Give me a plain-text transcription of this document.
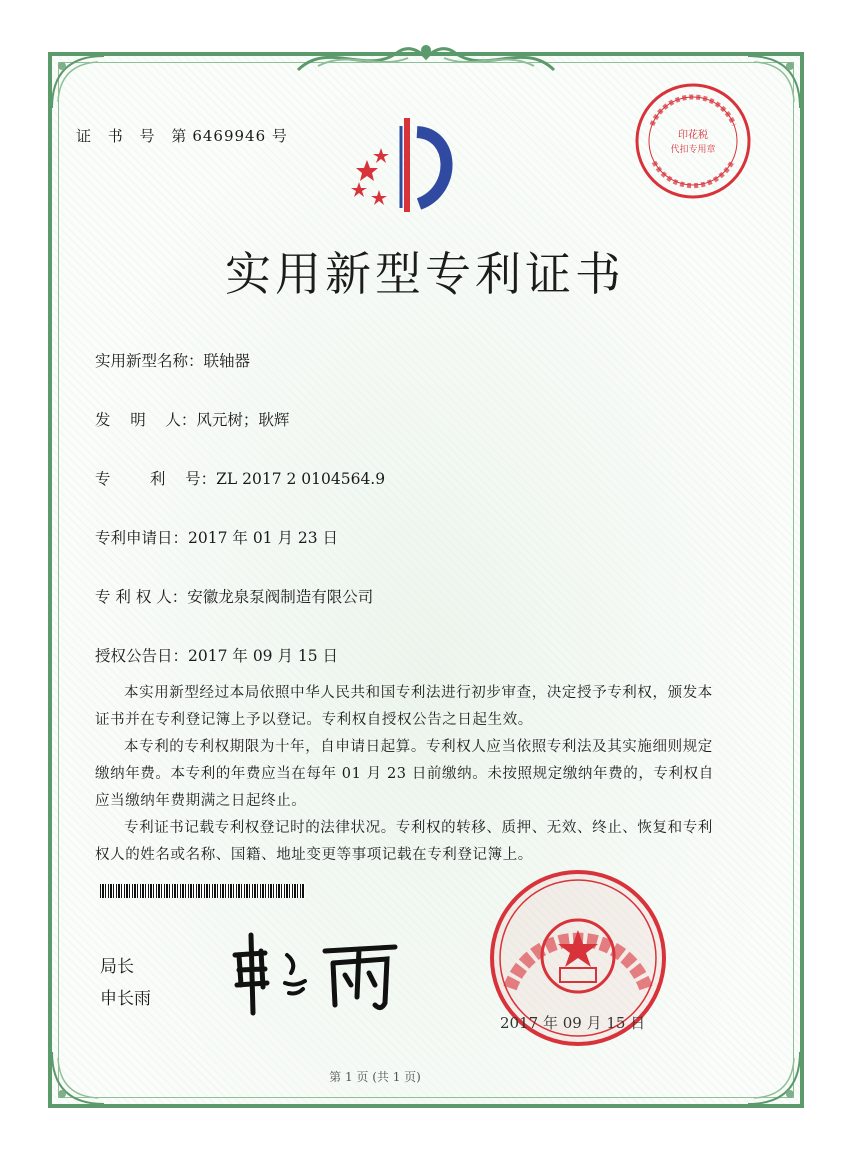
证 书 号 第6469946 号	印花税
代扣专用章
实用新型专利证书
实用新型名称：联轴器
发    明    人：风元树；耿辉
专        利    号：ZL 2017 2 0104564.9
专利申请日：2017 年 01 月 23 日
专 利 权 人：安徽龙泉泵阀制造有限公司
授权公告日：2017 年 09 月 15 日

本实用新型经过本局依照中华人民共和国专利法进行初步审查，决定授予专利权，颁发本证书并在专利登记簿上予以登记。专利权自授权公告之日起生效。

本专利的专利权期限为十年，自申请日起算。专利权人应当依照专利法及其实施细则规定缴纳年费。本专利的年费应当在每年 01 月 23 日前缴纳。未按照规定缴纳年费的，专利权自应当缴纳年费期满之日起终止。

专利证书记载专利权登记时的法律状况。专利权的转移、质押、无效、终止、恢复和专利权人的姓名或名称、国籍、地址变更等事项记载在专利登记簿上。

局长
申长雨
2017 年 09 月 15 日
第 1 页 (共 1 页)
